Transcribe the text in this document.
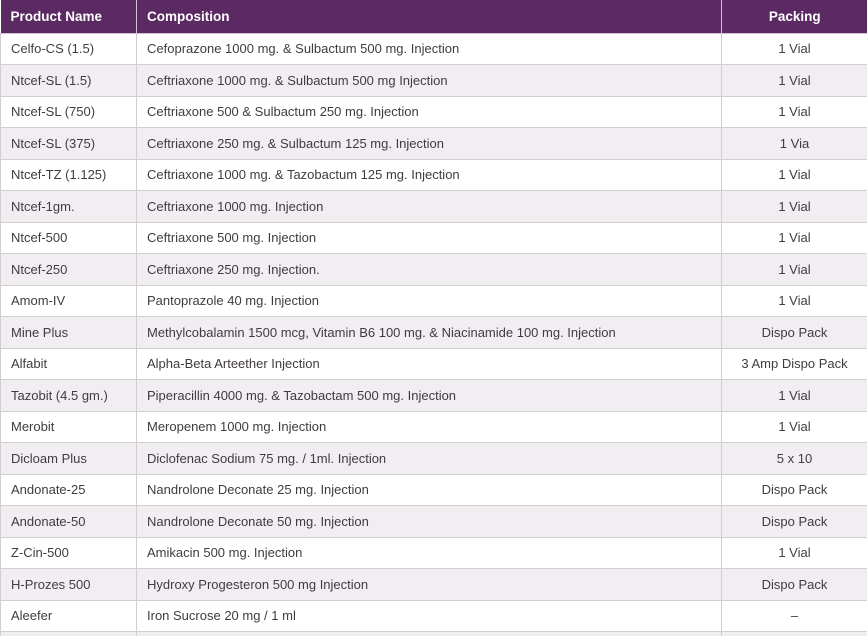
Product Name	Composition	Packing
Celfo-CS (1.5)	Cefoprazone 1000 mg. & Sulbactum 500 mg. Injection	1 Vial
Ntcef-SL (1.5)	Ceftriaxone 1000 mg. & Sulbactum 500 mg Injection	1 Vial
Ntcef-SL (750)	Ceftriaxone 500 & Sulbactum 250 mg. Injection	1 Vial
Ntcef-SL (375)	Ceftriaxone 250 mg. & Sulbactum 125 mg. Injection	1 Via
Ntcef-TZ (1.125)	Ceftriaxone 1000 mg. & Tazobactum 125 mg. Injection	1 Vial
Ntcef-1gm.	Ceftriaxone 1000 mg. Injection	1 Vial
Ntcef-500	Ceftriaxone 500 mg. Injection	1 Vial
Ntcef-250	Ceftriaxone 250 mg. Injection.	1 Vial
Amom-IV	Pantoprazole 40 mg. Injection	1 Vial
Mine Plus	Methylcobalamin 1500 mcg, Vitamin B6 100 mg. & Niacinamide 100 mg. Injection	Dispo Pack
Alfabit	Alpha-Beta Arteether Injection	3 Amp Dispo Pack
Tazobit (4.5 gm.)	Piperacillin 4000 mg. & Tazobactam 500 mg. Injection	1 Vial
Merobit	Meropenem 1000 mg. Injection	1 Vial
Dicloam Plus	Diclofenac Sodium 75 mg. / 1ml. Injection	5 x 10
Andonate-25	Nandrolone Deconate 25 mg. Injection	Dispo Pack
Andonate-50	Nandrolone Deconate 50 mg. Injection	Dispo Pack
Z-Cin-500	Amikacin 500 mg. Injection	1 Vial
H-Prozes 500	Hydroxy Progesteron 500 mg Injection	Dispo Pack
Aleefer	Iron Sucrose 20 mg / 1 ml	–
